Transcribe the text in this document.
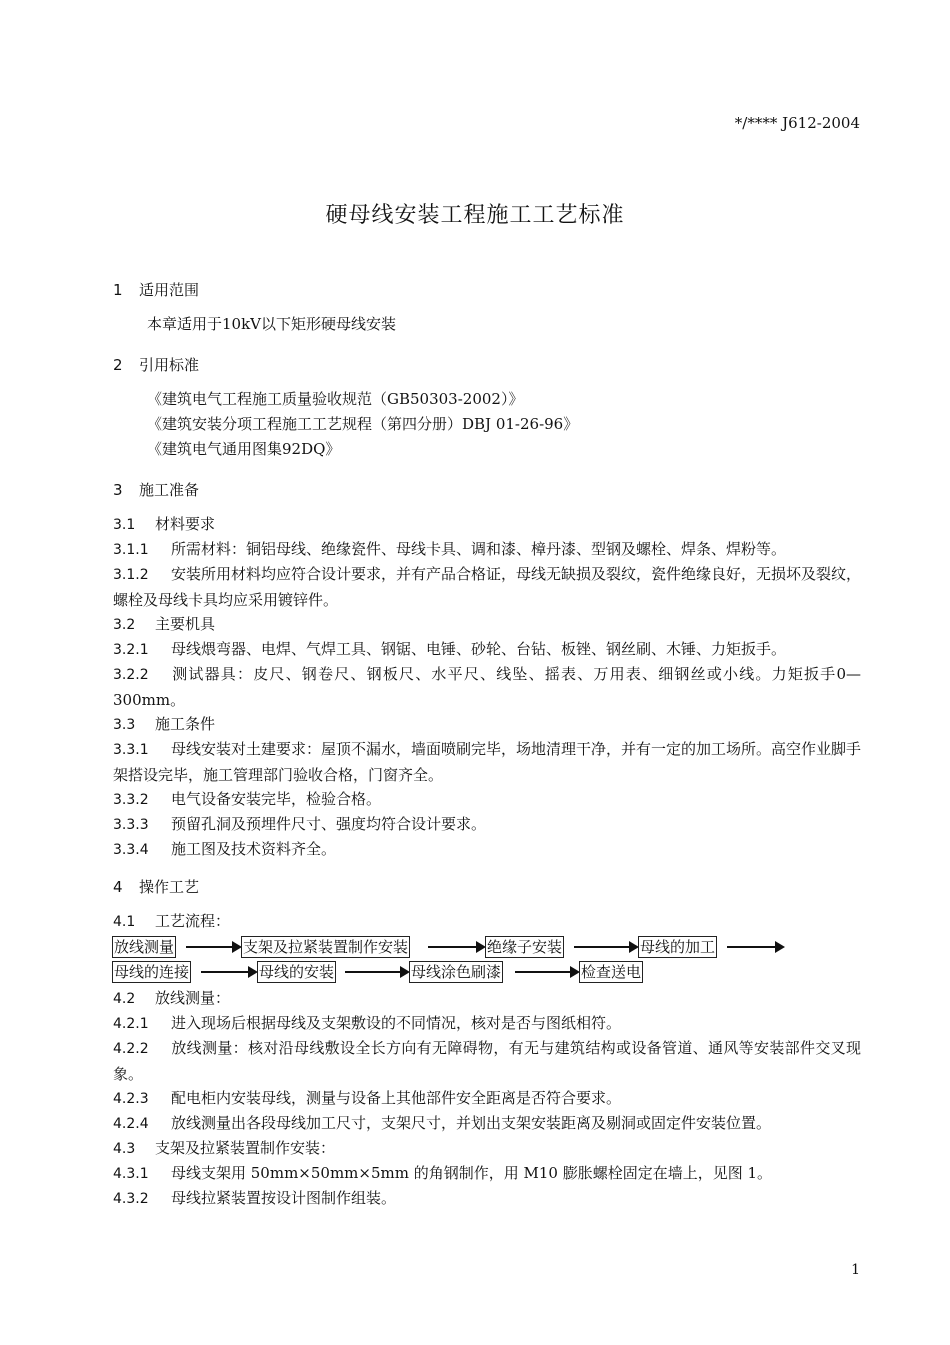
*/**** J612-2004
硬母线安装工程施工工艺标准
1 适用范围
本章适用于10kV以下矩形硬母线安装
2 引用标准
《建筑电气工程施工质量验收规范（GB50303-2002）》
《建筑安装分项工程施工工艺规程（第四分册）DBJ 01-26-96》
《建筑电气通用图集92DQ》
3 施工准备
3.1 材料要求
3.1.1 所需材料：铜铝母线、绝缘瓷件、母线卡具、调和漆、樟丹漆、型钢及螺栓、焊条、焊粉等。
3.1.2 安装所用材料均应符合设计要求，并有产品合格证，母线无缺损及裂纹，瓷件绝缘良好，无损坏及裂纹，螺栓及母线卡具均应采用镀锌件。
3.2 主要机具
3.2.1 母线煨弯器、电焊、气焊工具、钢锯、电锤、砂轮、台钻、板锉、钢丝刷、木锤、力矩扳手。
3.2.2 测试器具：皮尺、钢卷尺、钢板尺、水平尺、线坠、摇表、万用表、细钢丝或小线。力矩扳手0—300mm。
3.3 施工条件
3.3.1 母线安装对土建要求：屋顶不漏水，墙面喷刷完毕，场地清理干净，并有一定的加工场所。高空作业脚手架搭设完毕，施工管理部门验收合格，门窗齐全。
3.3.2 电气设备安装完毕，检验合格。
3.3.3 预留孔洞及预埋件尺寸、强度均符合设计要求。
3.3.4 施工图及技术资料齐全。
4 操作工艺
4.1 工艺流程：
放线测量	支架及拉紧装置制作安装	绝缘子安装	母线的加工
母线的连接	母线的安装	母线涂色刷漆	检查送电
4.2 放线测量：
4.2.1 进入现场后根据母线及支架敷设的不同情况，核对是否与图纸相符。
4.2.2 放线测量：核对沿母线敷设全长方向有无障碍物，有无与建筑结构或设备管道、通风等安装部件交叉现象。
4.2.3 配电柜内安装母线，测量与设备上其他部件安全距离是否符合要求。
4.2.4 放线测量出各段母线加工尺寸，支架尺寸，并划出支架安装距离及剔洞或固定件安装位置。
4.3 支架及拉紧装置制作安装：
4.3.1 母线支架用 50mm×50mm×5mm 的角钢制作，用 M10 膨胀螺栓固定在墙上，见图 1。
4.3.2 母线拉紧装置按设计图制作组装。
1
